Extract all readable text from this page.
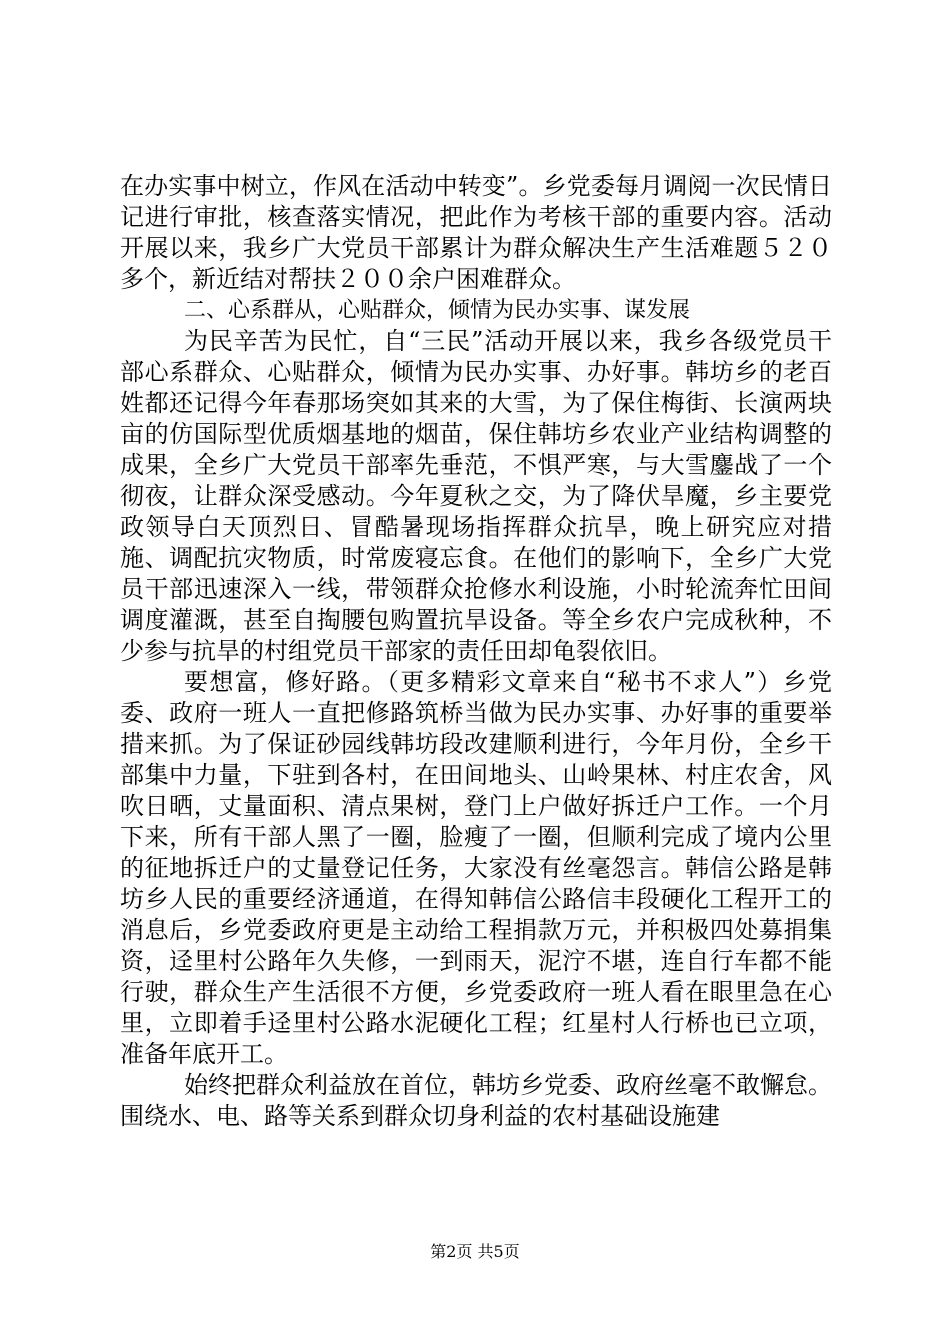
在办实事中树立，作风在活动中转变”。乡党委每月调阅一次民情日记进行审批，核查落实情况，把此作为考核干部的重要内容。活动开展以来，我乡广大党员干部累计为群众解决生产生活难题５２０多个，新近结对帮扶２００余户困难群众。

二、心系群从，心贴群众，倾情为民办实事、谋发展

为民辛苦为民忙，自“三民”活动开展以来，我乡各级党员干部心系群众、心贴群众，倾情为民办实事、办好事。韩坊乡的老百姓都还记得今年春那场突如其来的大雪，为了保住梅街、长演两块亩的仿国际型优质烟基地的烟苗，保住韩坊乡农业产业结构调整的成果，全乡广大党员干部率先垂范，不惧严寒，与大雪鏖战了一个彻夜，让群众深受感动。今年夏秋之交，为了降伏旱魔，乡主要党政领导白天顶烈日、冒酷暑现场指挥群众抗旱，晚上研究应对措施、调配抗灾物质，时常废寝忘食。在他们的影响下，全乡广大党员干部迅速深入一线，带领群众抢修水利设施，小时轮流奔忙田间调度灌溉，甚至自掏腰包购置抗旱设备。等全乡农户完成秋种，不少参与抗旱的村组党员干部家的责任田却龟裂依旧。

要想富，修好路。（更多精彩文章来自“秘书不求人”）乡党委、政府一班人一直把修路筑桥当做为民办实事、办好事的重要举措来抓。为了保证砂园线韩坊段改建顺利进行，今年月份，全乡干部集中力量，下驻到各村，在田间地头、山岭果林、村庄农舍，风吹日晒，丈量面积、清点果树，登门上户做好拆迁户工作。一个月下来，所有干部人黑了一圈，脸瘦了一圈，但顺利完成了境内公里的征地拆迁户的丈量登记任务，大家没有丝毫怨言。韩信公路是韩坊乡人民的重要经济通道，在得知韩信公路信丰段硬化工程开工的消息后，乡党委政府更是主动给工程捐款万元，并积极四处募捐集资，迳里村公路年久失修，一到雨天，泥泞不堪，连自行车都不能行驶，群众生产生活很不方便，乡党委政府一班人看在眼里急在心里，立即着手迳里村公路水泥硬化工程；红星村人行桥也已立项，准备年底开工。

始终把群众利益放在首位，韩坊乡党委、政府丝毫不敢懈怠。围绕水、电、路等关系到群众切身利益的农村基础设施建

第2页 共5页
